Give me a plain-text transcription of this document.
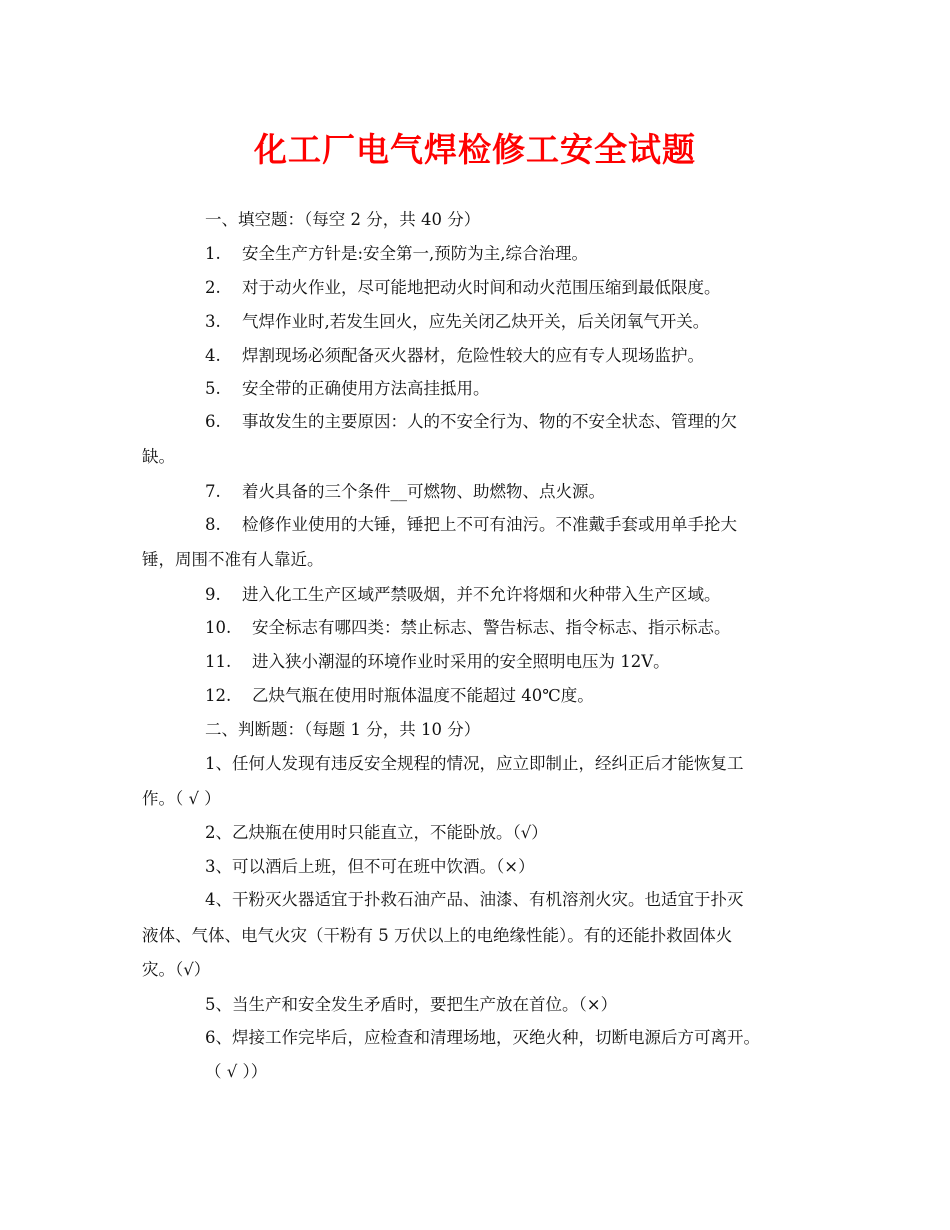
化工厂电气焊检修工安全试题
一、填空题：（每空 2 分，共 40 分）
1. 安全生产方针是:安全第一,预防为主,综合治理。
2. 对于动火作业，尽可能地把动火时间和动火范围压缩到最低限度。
3. 气焊作业时,若发生回火，应先关闭乙炔开关，后关闭氧气开关。
4. 焊割现场必须配备灭火器材，危险性较大的应有专人现场监护。
5. 安全带的正确使用方法高挂抵用。
6. 事故发生的主要原因：人的不安全行为、物的不安全状态、管理的欠
缺。
7. 着火具备的三个条件__可燃物、助燃物、点火源。
8. 检修作业使用的大锤，锤把上不可有油污。不准戴手套或用单手抡大
锤，周围不准有人靠近。
9. 进入化工生产区域严禁吸烟，并不允许将烟和火种带入生产区域。
10. 安全标志有哪四类：禁止标志、警告标志、指令标志、指示标志。
11. 进入狭小潮湿的环境作业时采用的安全照明电压为 12V。
12. 乙炔气瓶在使用时瓶体温度不能超过 40℃度。
二、判断题：（每题 1 分，共 10 分）
1、任何人发现有违反安全规程的情况，应立即制止，经纠正后才能恢复工
作。（ √ ）
2、乙炔瓶在使用时只能直立，不能卧放。（√）
3、可以酒后上班，但不可在班中饮酒。（×）
4、干粉灭火器适宜于扑救石油产品、油漆、有机溶剂火灾。也适宜于扑灭
液体、气体、电气火灾（干粉有 5 万伏以上的电绝缘性能）。有的还能扑救固体火
灾。（√）
5、当生产和安全发生矛盾时，要把生产放在首位。（×）
6、焊接工作完毕后，应检查和清理场地，灭绝火种，切断电源后方可离开。
（ √ ））
